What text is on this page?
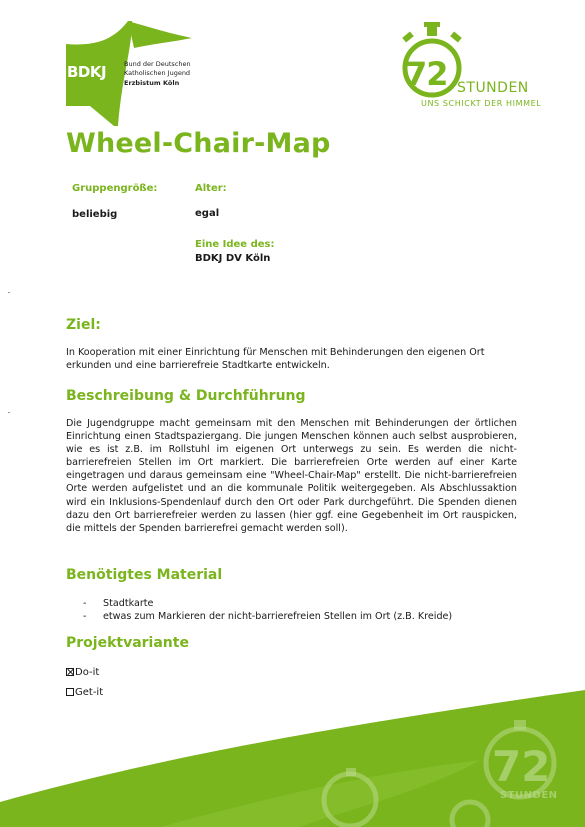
BDKJ	Bund der Deutschen
Katholischen Jugend
Erzbistum Köln	72 STUNDEN
UNS SCHICKT DER HIMMEL
Wheel-Chair-Map
Gruppengröße:
beliebig
Alter:
egal
Eine Idee des:
BDKJ DV Köln
Ziel:
In Kooperation mit einer Einrichtung für Menschen mit Behinderungen den eigenen Ort erkunden und eine barrierefreie Stadtkarte entwickeln.
Beschreibung & Durchführung
Die Jugendgruppe macht gemeinsam mit den Menschen mit Behinderungen der örtlichen Einrichtung einen Stadtspaziergang. Die jungen Menschen können auch selbst ausprobieren, wie es ist z.B. im Rollstuhl im eigenen Ort unterwegs zu sein. Es werden die nicht-barrierefreien Stellen im Ort markiert. Die barrierefreien Orte werden auf einer Karte eingetragen und daraus gemeinsam eine "Wheel-Chair-Map" erstellt. Die nicht-barrierefreien Orte werden aufgelistet und an die kommunale Politik weitergegeben. Als Abschlussaktion wird ein Inklusions-Spendenlauf durch den Ort oder Park durchgeführt. Die Spenden dienen dazu den Ort barrierefreier werden zu lassen (hier ggf. eine Gegebenheit im Ort rauspicken, die mittels der Spenden barrierefrei gemacht werden soll).
Benötigtes Material
- Stadtkarte
- etwas zum Markieren der nicht-barrierefreien Stellen im Ort (z.B. Kreide)
Projektvariante
Do-it
Get-it
72
STUNDEN
